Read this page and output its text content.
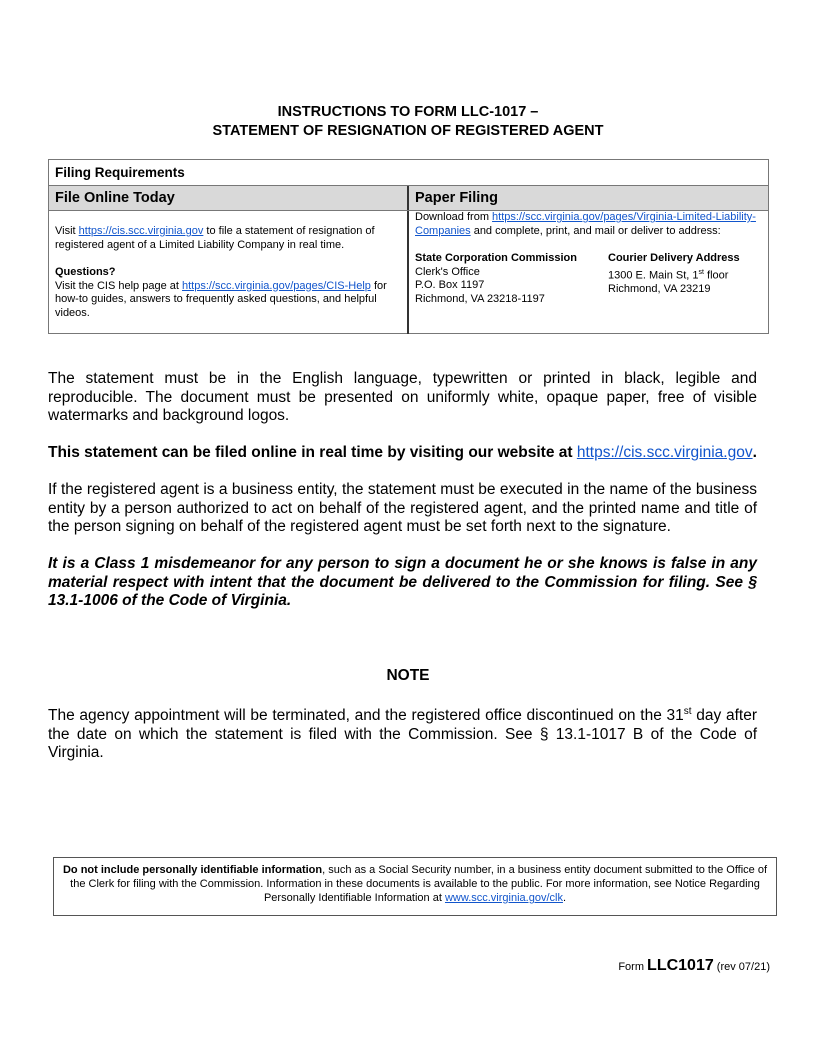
INSTRUCTIONS TO FORM LLC-1017 –
STATEMENT OF RESIGNATION OF REGISTERED AGENT
Filing Requirements
File Online Today	Paper Filing
Visit https://cis.scc.virginia.gov to file a statement of resignation of registered agent of a Limited Liability Company in real time.
Questions?
Visit the CIS help page at https://scc.virginia.gov/pages/CIS-Help for how-to guides, answers to frequently asked questions, and helpful videos.
Download from https://scc.virginia.gov/pages/Virginia-Limited-Liability-Companies and complete, print, and mail or deliver to address:
State Corporation Commission
Clerk's Office
P.O. Box 1197
Richmond, VA 23218-1197
Courier Delivery Address
1300 E. Main St, 1st floor
Richmond, VA 23219
The statement must be in the English language, typewritten or printed in black, legible and reproducible. The document must be presented on uniformly white, opaque paper, free of visible watermarks and background logos.
This statement can be filed online in real time by visiting our website at https://cis.scc.virginia.gov.
If the registered agent is a business entity, the statement must be executed in the name of the business entity by a person authorized to act on behalf of the registered agent, and the printed name and title of the person signing on behalf of the registered agent must be set forth next to the signature.
It is a Class 1 misdemeanor for any person to sign a document he or she knows is false in any material respect with intent that the document be delivered to the Commission for filing. See § 13.1-1006 of the Code of Virginia.
NOTE
The agency appointment will be terminated, and the registered office discontinued on the 31st day after the date on which the statement is filed with the Commission. See § 13.1-1017 B of the Code of Virginia.
Do not include personally identifiable information, such as a Social Security number, in a business entity document submitted to the Office of the Clerk for filing with the Commission. Information in these documents is available to the public. For more information, see Notice Regarding Personally Identifiable Information at www.scc.virginia.gov/clk.
Form LLC1017 (rev 07/21)
